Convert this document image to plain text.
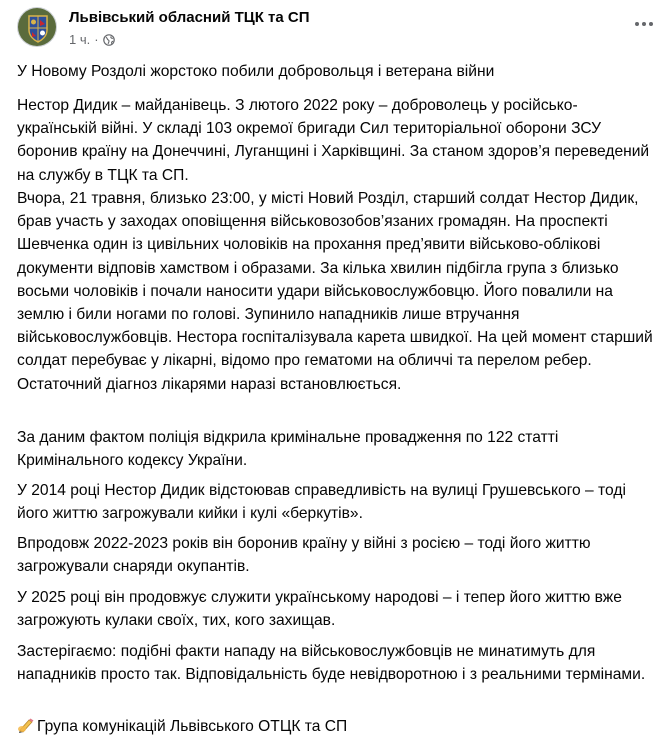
Львівський обласний ТЦК та СП
1 ч. ·

У Новому Роздолі жорстоко побили добровольця і ветерана війни

Нестор Дидик – майданівець. З лютого 2022 року – доброволець у російсько-українській війні. У складі 103 окремої бригади Сил територіальної оборони ЗСУ боронив країну на Донеччині, Луганщині і Харківщині. За станом здоров’я переведений на службу в ТЦК та СП.

Вчора, 21 травня, близько 23:00, у місті Новий Розділ, старший солдат Нестор Дидик, брав участь у заходах оповіщення військовозобов’язаних громадян. На проспекті Шевченка один із цивільних чоловіків на прохання пред’явити військово-облікові документи відповів хамством і образами. За кілька хвилин підбігла група з близько восьми чоловіків і почали наносити удари військовослужбовцю. Його повалили на землю і били ногами по голові. Зупинило нападників лише втручання військовослужбовців. Нестора госпіталізувала карета швидкої. На цей момент старший солдат перебуває у лікарні, відомо про гематоми на обличчі та перелом ребер. Остаточний діагноз лікарями наразі встановлюється.

За даним фактом поліція відкрила кримінальне провадження по 122 статті Кримінального кодексу України.

У 2014 році Нестор Дидик відстоював справедливість на вулиці Грушевського – тоді його життю загрожували кийки і кулі «беркутів».

Впродовж 2022-2023 років він боронив країну у війні з росією – тоді його життю загрожували снаряди окупантів.

У 2025 році він продовжує служити українському народові – і тепер його життю вже загрожують кулаки своїх, тих, кого захищав.

Застерігаємо: подібні факти нападу на військовослужбовців не минатимуть для нападників просто так. Відповідальність буде невідворотною і з реальними термінами.

Група комунікацій Львівського ОТЦК та СП
